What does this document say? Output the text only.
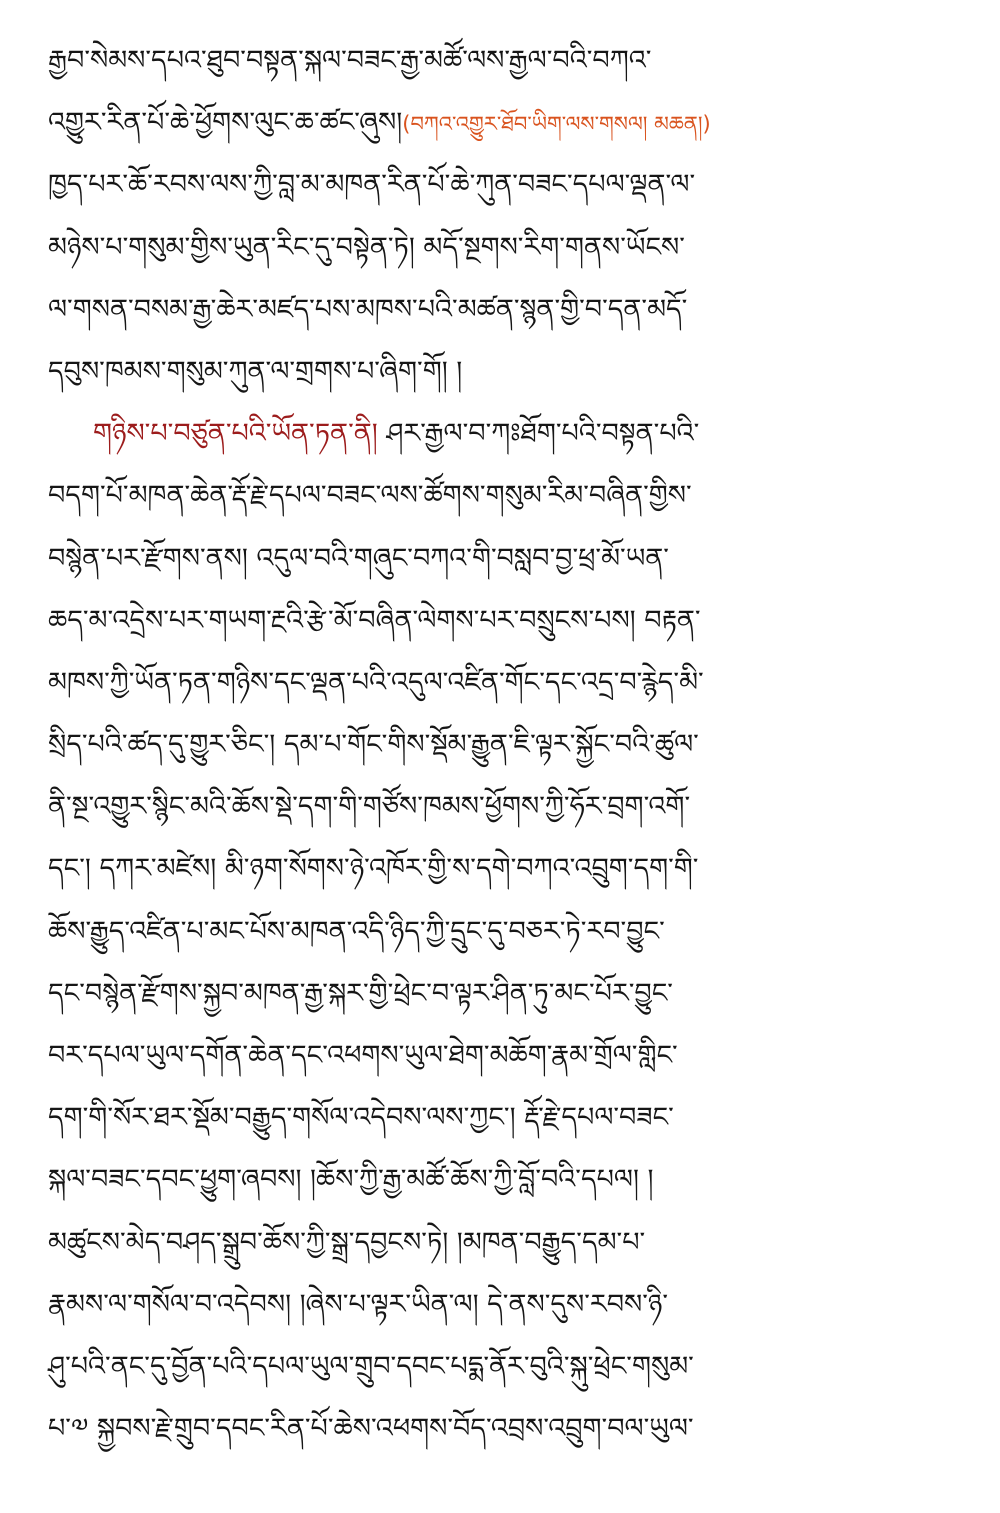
རྒྱབ་སེམས་དཔའ་ཐུབ་བསྟན་སྐལ་བཟང་རྒྱ་མཚོ་ལས་རྒྱལ་བའི་བཀའ་
འགྱུར་རིན་པོ་ཆེ་ཕྱོགས་ལུང་ཆ་ཚང་ཞུས།(བཀའ་འགྱུར་ཐོབ་ཡིག་ལས་གསལ། མཆན།)
ཁྱད་པར་ཆོ་རབས་ལས་ཀྱི་བླ་མ་མཁན་རིན་པོ་ཆེ་ཀུན་བཟང་དཔལ་ལྡན་ལ་
མཉེས་པ་གསུམ་གྱིས་ཡུན་རིང་དུ་བསྟེན་ཏེ། མདོ་སྔགས་རིག་གནས་ཡོངས་
ལ་གསན་བསམ་རྒྱ་ཆེར་མཛད་པས་མཁས་པའི་མཚན་སྙན་གྱི་བ་དན་མདོ་
དབུས་ཁམས་གསུམ་ཀུན་ལ་གྲགས་པ་ཞིག་གོ། །
གཉིས་པ་བཙུན་པའི་ཡོན་ཏན་ནི། ཤར་རྒྱལ་བ་ཀཿཐོག་པའི་བསྟན་པའི་
བདག་པོ་མཁན་ཆེན་རྡོ་རྗེ་དཔལ་བཟང་ལས་ཚོགས་གསུམ་རིམ་བཞིན་གྱིས་
བསྙེན་པར་རྫོགས་ནས། འདུལ་བའི་གཞུང་བཀའ་གི་བསླབ་བྱ་ཕྲ་མོ་ཡན་
ཆད་མ་འདྲེས་པར་གཡག་རྔའི་རྩེ་མོ་བཞིན་ལེགས་པར་བསྲུངས་པས། བརྟན་
མཁས་ཀྱི་ཡོན་ཏན་གཉིས་དང་ལྡན་པའི་འདུལ་འཛིན་གོང་དང་འདྲ་བ་རྙེད་མི་
སྲིད་པའི་ཚད་དུ་གྱུར་ཅིང་། དམ་པ་གོང་གིས་སྡོམ་རྒྱུན་ཇི་ལྟར་སྐྱོང་བའི་ཚུལ་
ནི་སྔ་འགྱུར་སྙིང་མའི་ཆོས་སྡེ་དག་གི་གཙོས་ཁམས་ཕྱོགས་ཀྱི་ཧོར་བྲག་འགོ་
དང་། དཀར་མཛེས། མི་ཉག་སོགས་ཉེ་འཁོར་གྱི་ས་དགེ་བཀའ་འབྲུག་དག་གི་
ཆོས་རྒྱུད་འཛིན་པ་མང་པོས་མཁན་འདི་ཉིད་ཀྱི་དྲུང་དུ་བཅར་ཏེ་རབ་བྱུང་
དང་བསྙེན་རྫོགས་སྐྱབ་མཁན་རྒྱ་སྐར་གྱི་ཕྲེང་བ་ལྟར་ཤིན་ཏུ་མང་པོར་བྱུང་
བར་དཔལ་ཡུལ་དགོན་ཆེན་དང་འཕགས་ཡུལ་ཐེག་མཆོག་རྣམ་གྲོལ་གླིང་
དག་གི་སོར་ཐར་སྡོམ་བརྒྱུད་གསོལ་འདེབས་ལས་ཀྱང་། རྡོ་རྗེ་དཔལ་བཟང་
སྐལ་བཟང་དབང་ཕྱུག་ཞབས། །ཆོས་ཀྱི་རྒྱ་མཚོ་ཆོས་ཀྱི་བློ་བའི་དཔལ། །
མཚུངས་མེད་བཤད་སྒྲུབ་ཆོས་ཀྱི་སྒྲ་དབྱངས་ཏེ། །མཁན་བརྒྱུད་དམ་པ་
རྣམས་ལ་གསོལ་བ་འདེབས། །ཞེས་པ་ལྟར་ཡིན་ལ། དེ་ནས་དུས་རབས་ཉི་
ཤུ་པའི་ནང་དུ་བྱོན་པའི་དཔལ་ཡུལ་གྲུབ་དབང་པདྨ་ནོར་བུའི་སྐུ་ཕྲེང་གསུམ་
པ་༧ སྐྱབས་རྗེ་གྲུབ་དབང་རིན་པོ་ཆེས་འཕགས་བོད་འབྲས་འབྲུག་བལ་ཡུལ་
